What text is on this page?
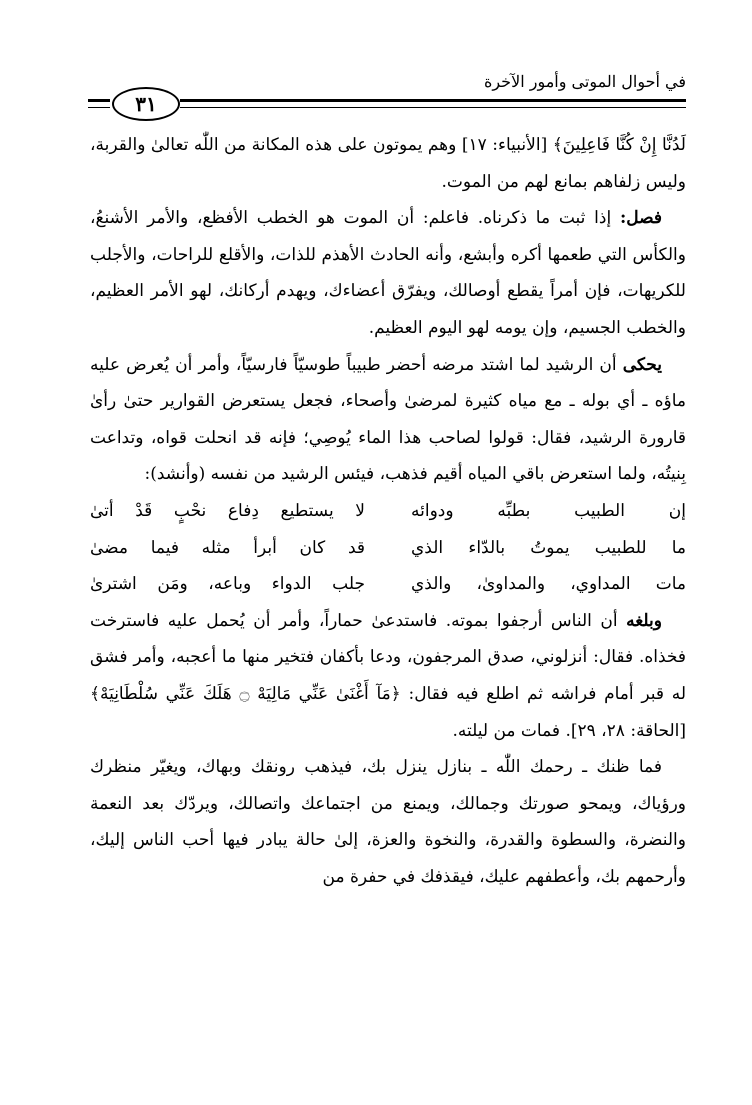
٣١
في أحوال الموتى وأمور الآخرة

لَدُنَّا إِنْ كُنَّا فَاعِلِينَ﴾ [الأنبياء: ١٧] وهم يموتون على هذه المكانة من اللّٰه تعالىٰ والقربة، وليس زلفاهم بمانع لهم من الموت.

فصل: إذا ثبت ما ذكرناه. فاعلم: أن الموت هو الخطب الأفظع، والأمر الأشنعُ، والكأس التي طعمها أكره وأبشع، وأنه الحادث الأهذم للذات، والأقلع للراحات، والأجلب للكريهات، فإن أمراً يقطع أوصالك، ويفرّق أعضاءك، ويهدم أركانك، لهو الأمر العظيم، والخطب الجسيم، وإن يومه لهو اليوم العظيم.

يحكى أن الرشيد لما اشتد مرضه أحضر طبيباً طوسيّاً فارسيّاً، وأمر أن يُعرض عليه ماؤه ـ أي بوله ـ مع مياه كثيرة لمرضىٰ وأصحاء، فجعل يستعرض القوارير حتىٰ رأىٰ قارورة الرشيد، فقال: قولوا لصاحب هذا الماء يُوصِي؛ فإنه قد انحلت قواه، وتداعت بِنيتُه، ولما استعرض باقي المياه أقيم فذهب، فيئس الرشيد من نفسه (وأنشد):

إن الطبيب بطبِّه ودوائه
لا يستطيع دِفاع نحْبٍ قَدْ أتىٰ
ما للطبيب يموتُ بالدّاء الذي
قد كان أبرأ مثله فيما مضىٰ
مات المداوي، والمداوىٰ، والذي
جلب الدواء وباعه، ومَن اشترىٰ

وبلغه أن الناس أرجفوا بموته. فاستدعىٰ حماراً، وأمر أن يُحمل عليه فاسترخت فخذاه. فقال: أنزلوني، صدق المرجفون، ودعا بأكفان فتخير منها ما أعجبه، وأمر فشق له قبر أمام فراشه ثم اطلع فيه فقال: ﴿مَآ أَغْنَىٰ عَنِّي مَالِيَهْ ۝ هَلَكَ عَنِّي سُلْطَانِيَهْ﴾ [الحاقة: ٢٨، ٢٩]. فمات من ليلته.

فما ظنك ـ رحمك اللّٰه ـ بنازل ينزل بك، فيذهب رونقك وبهاك، ويغيّر منظرك ورؤياك، ويمحو صورتك وجمالك، ويمنع من اجتماعك واتصالك، ويردّك بعد النعمة والنضرة، والسطوة والقدرة، والنخوة والعزة، إلىٰ حالة يبادر فيها أحب الناس إليك، وأرحمهم بك، وأعطفهم عليك، فيقذفك في حفرة من
